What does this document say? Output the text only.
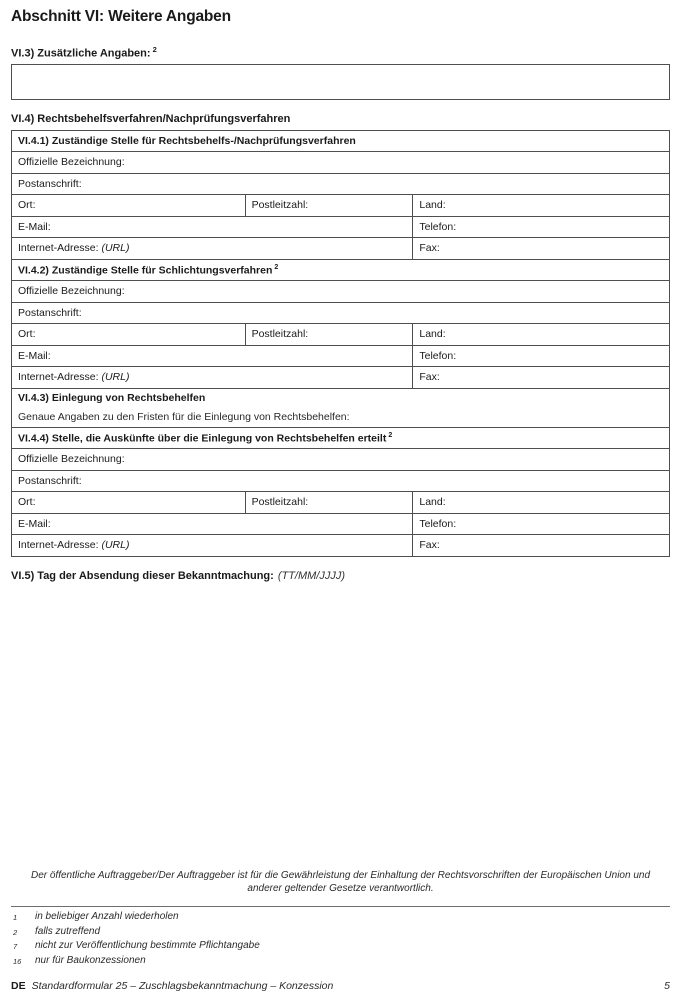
Abschnitt VI: Weitere Angaben
VI.3) Zusätzliche Angaben: $^2$
VI.4) Rechtsbehelfsverfahren/Nachprüfungsverfahren
VI.4.1) Zuständige Stelle für Rechtsbehelfs-/Nachprüfungsverfahren		
Offizielle Bezeichnung:		
Postanschrift:		
Ort:	Postleitzahl:	Land:
E-Mail:		Telefon:
Internet-Adresse: (URL)		Fax:
VI.4.2) Zuständige Stelle für Schlichtungsverfahren $^2$
Offizielle Bezeichnung:		
Postanschrift:		
Ort:	Postleitzahl:	Land:
E-Mail:		Telefon:
Internet-Adresse: (URL)		Fax:

VI.4.3) Einlegung von Rechtsbehelfen
Genaue Angaben zu den Fristen für die Einlegung von Rechtsbehelfen:		

VI.4.4) Stelle, die Auskünfte über die Einlegung von Rechtsbehelfen erteilt $^2$
Offizielle Bezeichnung:		
Postanschrift:		
Ort:	Postleitzahl:	Land:
E-Mail:		Telefon:
Internet-Adresse: (URL)		Fax:
VI.5) Tag der Absendung dieser Bekanntmachung: (TT/MM/JJJJ)
Der öffentliche Auftraggeber/Der Auftraggeber ist für die Gewährleistung der Einhaltung der Rechtsvorschriften der Europäischen Union und anderer geltender Gesetze verantwortlich.
1	in beliebiger Anzahl wiederholen
2	falls zutreffend
7	nicht zur Veröffentlichung bestimmte Pflichtangabe
16	nur für Baukonzessionen
DE Standardformular 25 – Zuschlagsbekanntmachung – Konzession	5
